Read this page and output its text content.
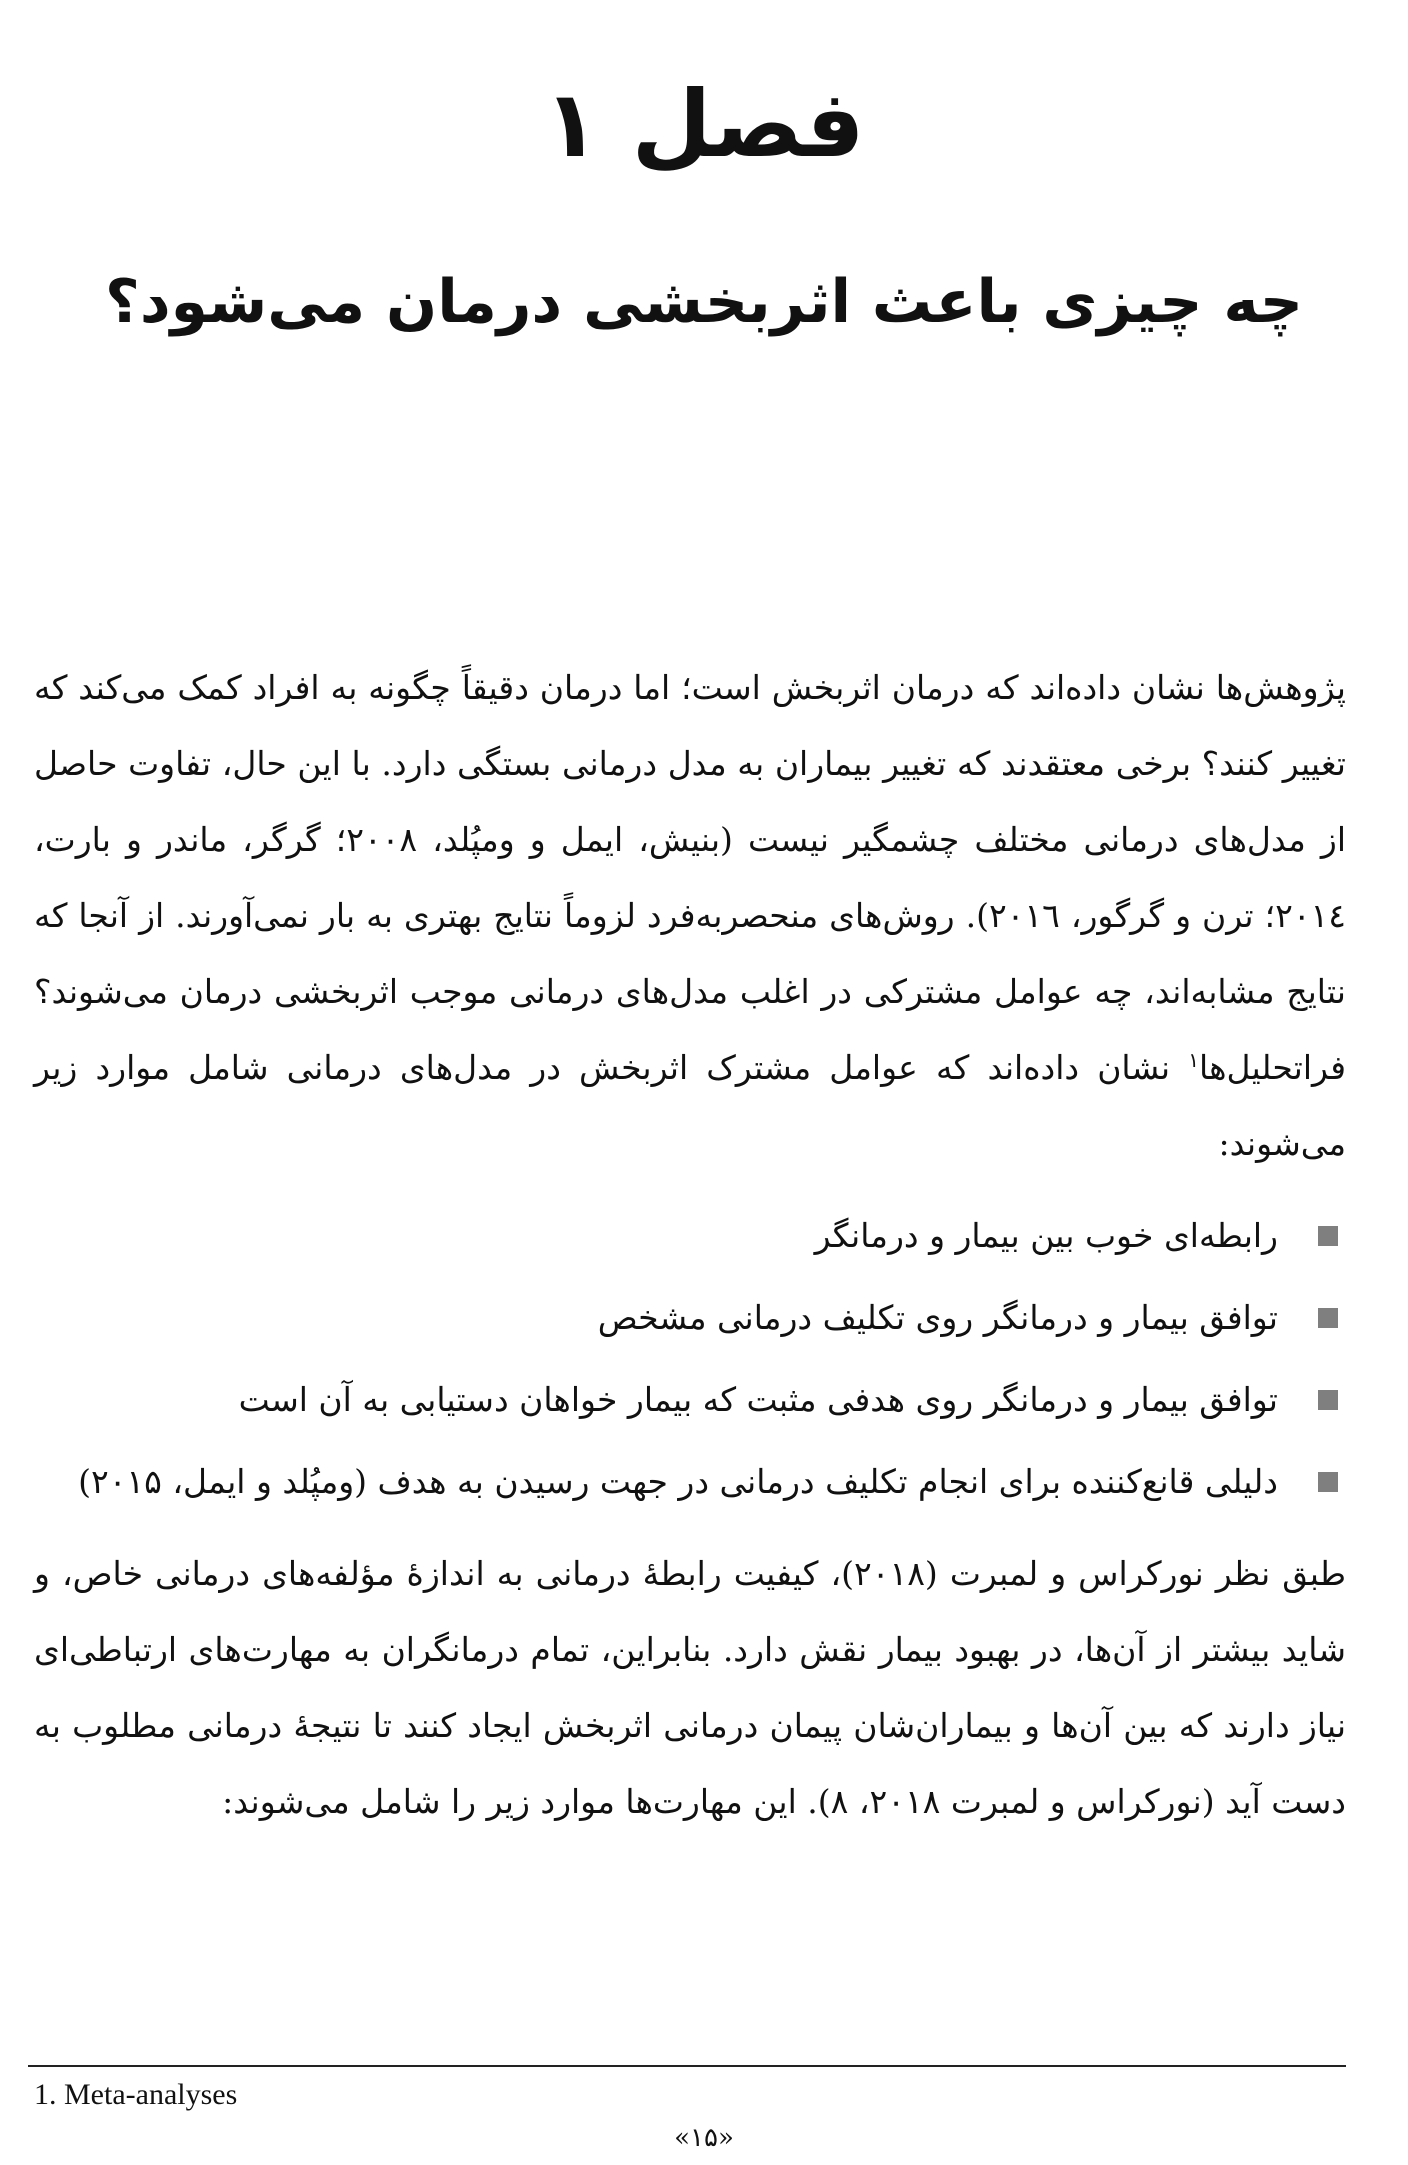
فصل ۱
چه چیزی باعث اثربخشی درمان می‌شود؟

پژوهش‌ها نشان داده‌اند که درمان اثربخش است؛ اما درمان دقیقاً چگونه به افراد کمک می‌کند که تغییر کنند؟ برخی معتقدند که تغییر بیماران به مدل درمانی بستگی دارد. با این حال، تفاوت حاصل از مدل‌های درمانی مختلف چشمگیر نیست (بنیش، ایمل و ومپُلد، ۲۰۰۸؛ گرگر، ماندر و بارت، ۲۰۱٤؛ ترن و گرگور، ۲۰۱٦). روش‌های منحصربه‌فرد لزوماً نتایج بهتری به بار نمی‌آورند. از آنجا که نتایج مشابه‌اند، چه عوامل مشترکی در اغلب مدل‌های درمانی موجب اثربخشی درمان می‌شوند؟ فراتحلیل‌ها$^۱$ نشان داده‌اند که عوامل مشترک اثربخش در مدل‌های درمانی شامل موارد زیر می‌شوند:

رابطه‌ای خوب بین بیمار و درمانگر
توافق بیمار و درمانگر روی تکلیف درمانی مشخص
توافق بیمار و درمانگر روی هدفی مثبت که بیمار خواهان دستیابی به آن است
دلیلی قانع‌کننده برای انجام تکلیف درمانی در جهت رسیدن به هدف (ومپُلد و ایمل، ۲۰۱۵)

طبق نظر نورکراس و لمبرت (۲۰۱۸)، کیفیت رابطهٔ درمانی به اندازهٔ مؤلفه‌های درمانی خاص، و شاید بیشتر از آن‌ها، در بهبود بیمار نقش دارد. بنابراین، تمام درمانگران به مهارت‌های ارتباطی‌ای نیاز دارند که بین آن‌ها و بیماران‌شان پیمان درمانی اثربخش ایجاد کنند تا نتیجهٔ درمانی مطلوب به دست آید (نورکراس و لمبرت ۲۰۱۸، ۸). این مهارت‌ها موارد زیر را شامل می‌شوند:

1. Meta-analyses
«۱۵»
